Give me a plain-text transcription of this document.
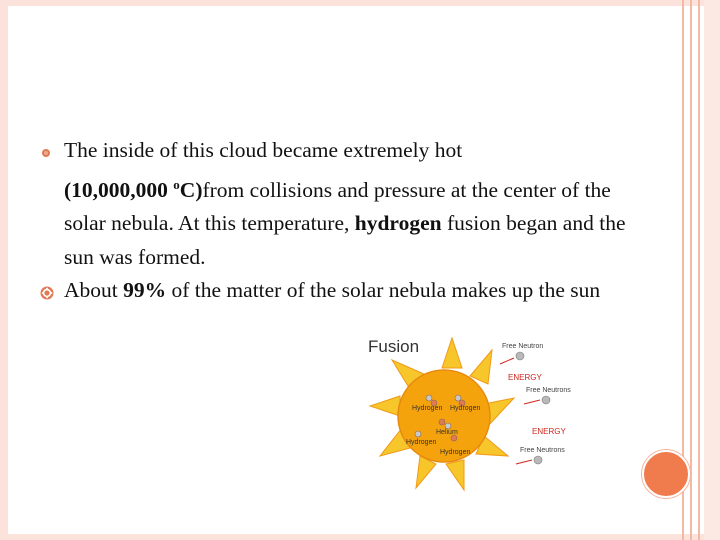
The inside of this cloud became extremely hot
(10,000,000 $^o$C)from collisions and pressure at the center of the solar nebula. At this temperature, hydrogen fusion began and the sun was formed.
About 99% of the matter of the solar nebula makes up the sun
Fusion
Hydrogen Hydrogen
Helium
Hydrogen
Hydrogen
Free Neutron
ENERGY
Free Neutrons
ENERGY
Free Neutrons
